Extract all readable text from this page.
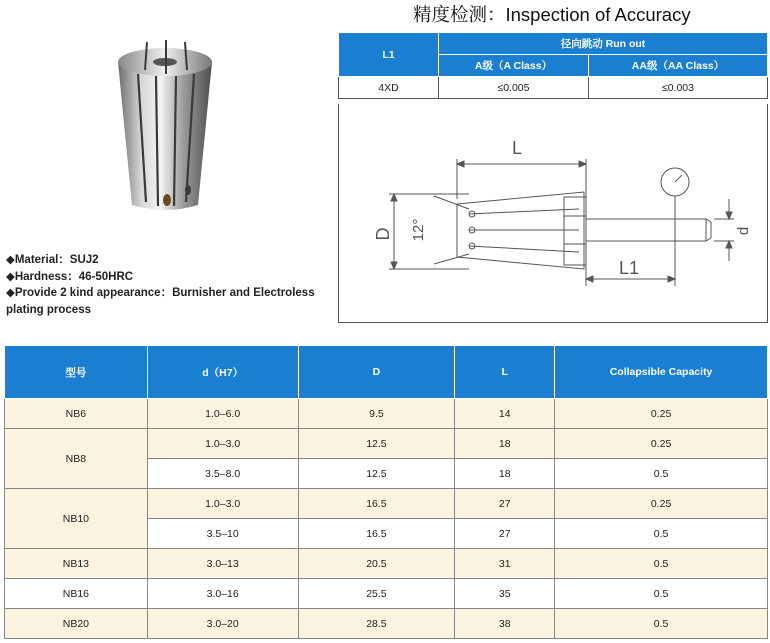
◆Material：SUJ2
◆Hardness：46-50HRC
◆Provide 2 kind appearance：Burnisher and Electroless plating process
精度检测：Inspection of Accuracy
L1	径向跳动 Run out	
	A级（A Class）	AA级（AA Class）
4XD	≤0.005	≤0.003
L
D 12°
L1
d
型号	d（H7）	D	L	Collapsible Capacity
NB6	1.0–6.0	9.5	14	0.25
NB8	1.0–3.0	12.5	18	0.25
	3.5–8.0	12.5	18	0.5
NB10	1.0–3.0	16.5	27	0.25
	3.5–10	16.5	27	0.5
NB13	3.0–13	20.5	31	0.5
NB16	3.0–16	25.5	35	0.5
NB20	3.0–20	28.5	38	0.5
